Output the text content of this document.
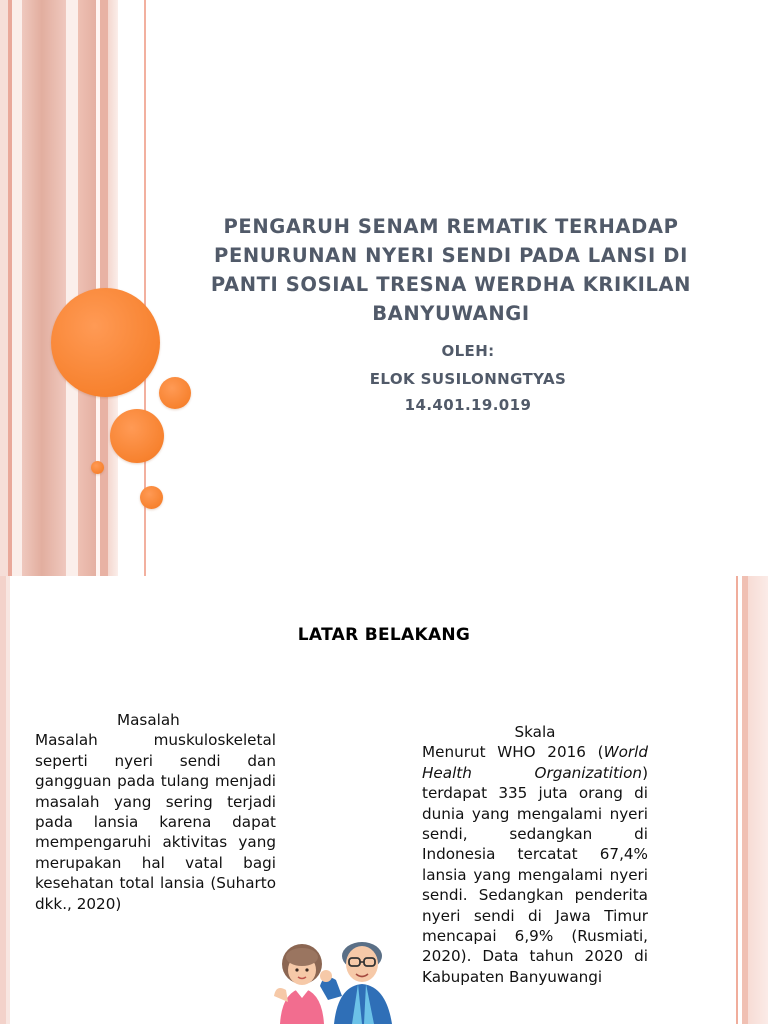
PENGARUH SENAM REMATIK TERHADAP PENURUNAN NYERI SENDI PADA LANSI DI PANTI SOSIAL TRESNA WERDHA KRIKILAN BANYUWANGI
OLEH:
ELOK SUSILONNGTYAS
14.401.19.019
LATAR BELAKANG
Masalah

Masalah muskuloskeletal seperti nyeri sendi dan gangguan pada tulang menjadi masalah yang sering terjadi pada lansia karena dapat mempengaruhi aktivitas yang merupakan hal vatal bagi kesehatan total lansia (Suharto dkk., 2020)

Skala

Menurut WHO 2016 (World Health Organizatition) terdapat 335 juta orang di dunia yang mengalami nyeri sendi, sedangkan di Indonesia tercatat 67,4% lansia yang mengalami nyeri sendi. Sedangkan penderita nyeri sendi di Jawa Timur mencapai 6,9% (Rusmiati, 2020). Data tahun 2020 di Kabupaten Banyuwangi
